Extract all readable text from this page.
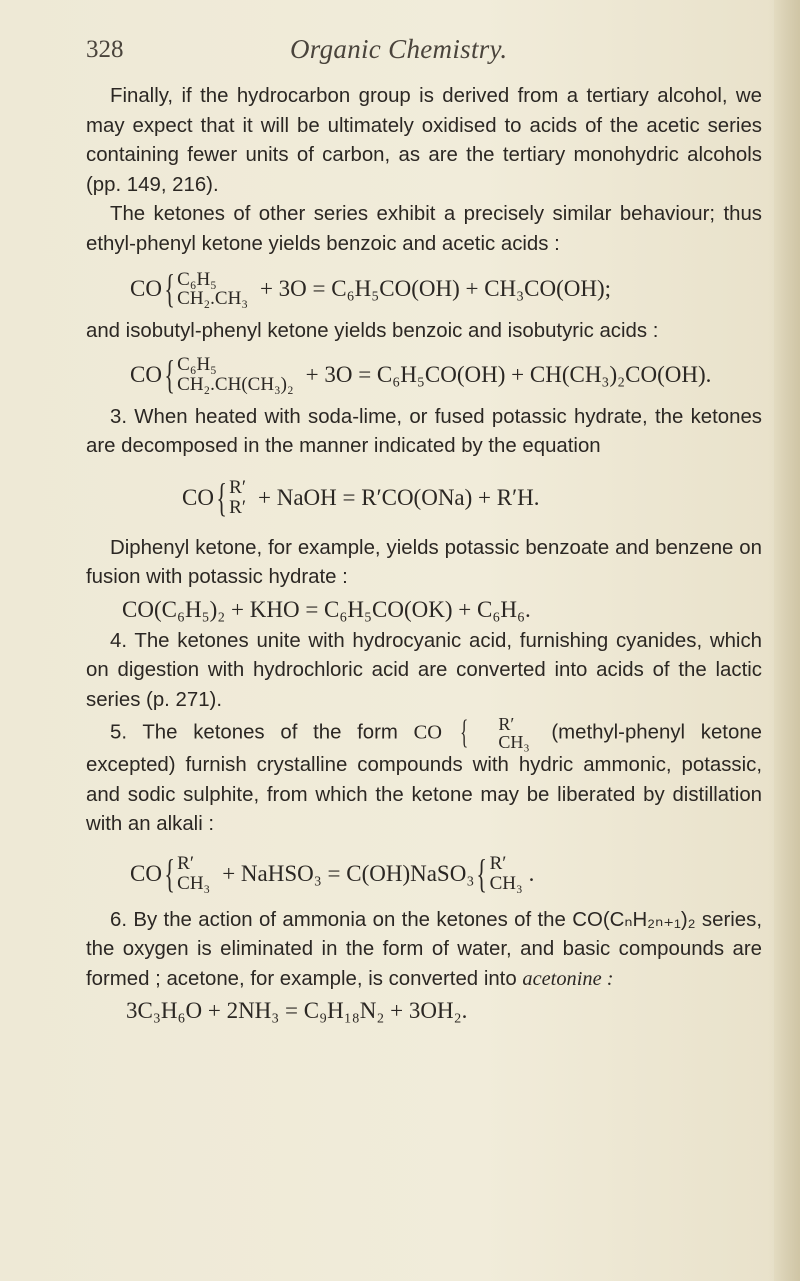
328	Organic Chemistry.

Finally, if the hydrocarbon group is derived from a tertiary alcohol, we may expect that it will be ultimately oxidised to acids of the acetic series containing fewer units of carbon, as are the tertiary monohydric alcohols (pp. 149, 216).

The ketones of other series exhibit a precisely similar behaviour; thus ethyl-phenyl ketone yields benzoic and acetic acids :

CO { C₆H₅
CH₂.CH₃ + 3O = C₆H₅CO(OH) + CH₃CO(OH);

and isobutyl-phenyl ketone yields benzoic and isobutyric acids :

CO { C₆H₅
CH₂.CH(CH₃)₂ + 3O = C₆H₅CO(OH) + CH(CH₃)₂CO(OH).

3. When heated with soda-lime, or fused potassic hydrate, the ketones are decomposed in the manner indicated by the equation

CO { R′
R′ + NaOH = R′CO(ONa) + R′H.

Diphenyl ketone, for example, yields potassic benzoate and benzene on fusion with potassic hydrate :

CO(C₆H₅)₂ + KHO = C₆H₅CO(OK) + C₆H₆.

4. The ketones unite with hydrocyanic acid, furnishing cyanides, which on digestion with hydrochloric acid are converted into acids of the lactic series (p. 271).

5. The ketones of the form CO {	R′
CH₃ (methyl-phenyl ketone excepted) furnish crystalline compounds with hydric ammonic, potassic, and sodic sulphite, from which the ketone may be liberated by distillation with an alkali :

CO { R′
CH₃ + NaHSO₃ = C(OH)NaSO₃ { R′
CH₃ .

6. By the action of ammonia on the ketones of the CO(CₙH₂ₙ₊₁)₂ series, the oxygen is eliminated in the form of water, and basic compounds are formed ; acetone, for example, is converted into acetonine :

3C₃H₆O + 2NH₃ = C₉H₁₈N₂ + 3OH₂.
